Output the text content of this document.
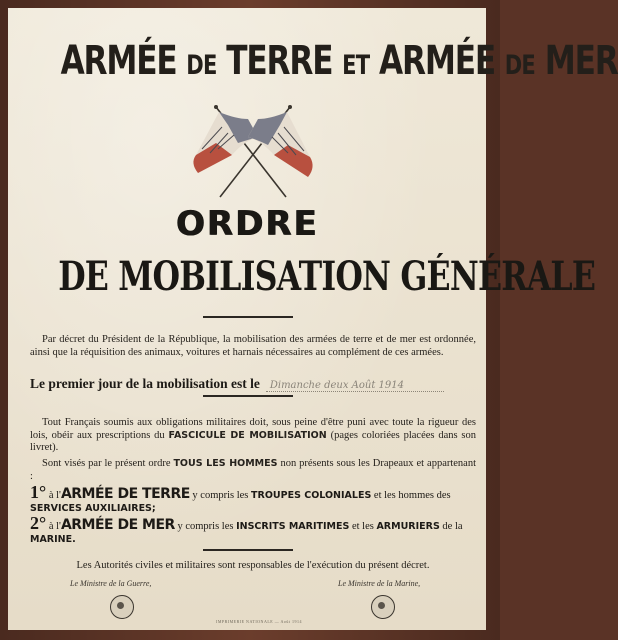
ARMÉE DE TERRE ET ARMÉE DE MER
ORDRE
DE MOBILISATION GÉNÉRALE
Par décret du Président de la République, la mobilisation des armées de terre et de mer est ordonnée, ainsi que la réquisition des animaux, voitures et harnais nécessaires au complément de ces armées.
Le premier jour de la mobilisation est le Dimanche deux Août 1914
Tout Français soumis aux obligations militaires doit, sous peine d'être puni avec toute la rigueur des lois, obéir aux prescriptions du FASCICULE DE MOBILISATION (pages coloriées placées dans son livret).
Sont visés par le présent ordre TOUS LES HOMMES non présents sous les Drapeaux et appartenant :
1° à l'ARMÉE DE TERRE y compris les TROUPES COLONIALES et les hommes des SERVICES AUXILIAIRES;
2° à l'ARMÉE DE MER y compris les INSCRITS MARITIMES et les ARMURIERS de la MARINE.
Les Autorités civiles et militaires sont responsables de l'exécution du présent décret.
Le Ministre de la Guerre,	Le Ministre de la Marine,
IMPRIMERIE NATIONALE — Août 1914
